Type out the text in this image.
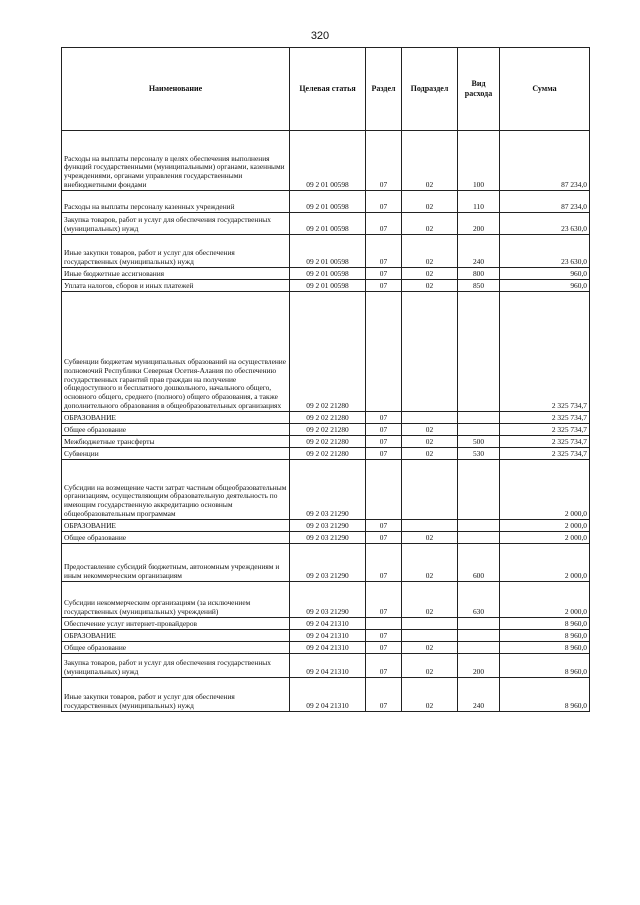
320
Наименование	Целевая статья	Раздел	Подраздел	Вид расхода	Сумма
Расходы на выплаты персоналу в целях обеспечения выполнения функций государственными (муниципальными) органами, казенными учреждениями, органами управления государственными внебюджетными фондами	09 2 01 00598	07	02	100	87 234,0
Расходы на выплаты персоналу казенных учреждений	09 2 01 00598	07	02	110	87 234,0
Закупка товаров, работ и услуг для обеспечения государственных (муниципальных) нужд	09 2 01 00598	07	02	200	23 630,0
Иные закупки товаров, работ и услуг для обеспечения государственных (муниципальных) нужд	09 2 01 00598	07	02	240	23 630,0
Иные бюджетные ассигнования	09 2 01 00598	07	02	800	960,0
Уплата налогов, сборов и иных платежей	09 2 01 00598	07	02	850	960,0
Субвенции бюджетам муниципальных образований на осуществление полномочий Республики Северная Осетия-Алания по обеспечению государственных гарантий прав граждан на получение общедоступного и бесплатного дошкольного, начального общего, основного общего, среднего (полного) общего образования, а также дополнительного образования в общеобразовательных организациях	09 2 02 21280				2 325 734,7
ОБРАЗОВАНИЕ	09 2 02 21280	07			2 325 734,7
Общее образование	09 2 02 21280	07	02		2 325 734,7
Межбюджетные трансферты	09 2 02 21280	07	02	500	2 325 734,7
Субвенции	09 2 02 21280	07	02	530	2 325 734,7
Субсидии на возмещение части затрат частным общеобразовательным организациям, осуществляющим образовательную деятельность по имеющим государственную аккредитацию основным общеобразовательным программам	09 2 03 21290				2 000,0
ОБРАЗОВАНИЕ	09 2 03 21290	07			2 000,0
Общее образование	09 2 03 21290	07	02		2 000,0
Предоставление субсидий бюджетным, автономным учреждениям и иным некоммерческим организациям	09 2 03 21290	07	02	600	2 000,0
Субсидии некоммерческим организациям (за исключением государственных (муниципальных) учреждений)	09 2 03 21290	07	02	630	2 000,0
Обеспечение услуг интернет-провайдеров	09 2 04 21310				8 960,0
ОБРАЗОВАНИЕ	09 2 04 21310	07			8 960,0
Общее образование	09 2 04 21310	07	02		8 960,0
Закупка товаров, работ и услуг для обеспечения государственных (муниципальных) нужд	09 2 04 21310	07	02	200	8 960,0
Иные закупки товаров, работ и услуг для обеспечения государственных (муниципальных) нужд	09 2 04 21310	07	02	240	8 960,0
